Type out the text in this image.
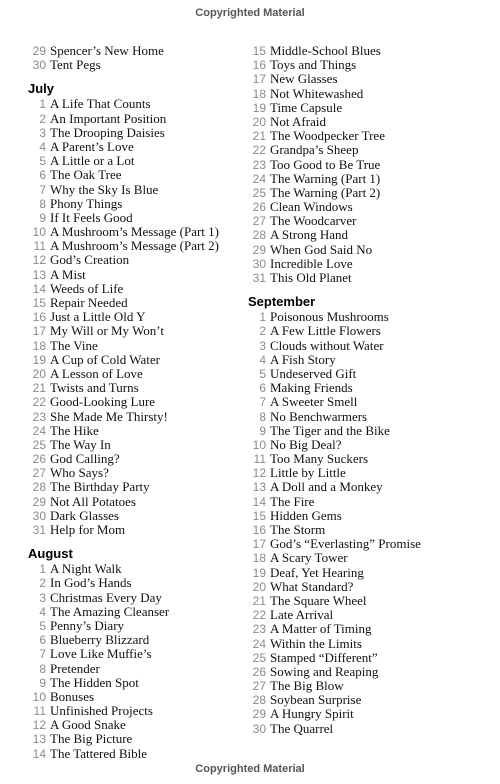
Copyrighted Material
29 Spencer’s New Home
30 Tent Pegs
July
1 A Life That Counts
2 An Important Position
3 The Drooping Daisies
4 A Parent’s Love
5 A Little or a Lot
6 The Oak Tree
7 Why the Sky Is Blue
8 Phony Things
9 If It Feels Good
10 A Mushroom’s Message (Part 1)
11 A Mushroom’s Message (Part 2)
12 God’s Creation
13 A Mist
14 Weeds of Life
15 Repair Needed
16 Just a Little Old Y
17 My Will or My Won’t
18 The Vine
19 A Cup of Cold Water
20 A Lesson of Love
21 Twists and Turns
22 Good-Looking Lure
23 She Made Me Thirsty!
24 The Hike
25 The Way In
26 God Calling?
27 Who Says?
28 The Birthday Party
29 Not All Potatoes
30 Dark Glasses
31 Help for Mom
August
1 A Night Walk
2 In God’s Hands
3 Christmas Every Day
4 The Amazing Cleanser
5 Penny’s Diary
6 Blueberry Blizzard
7 Love Like Muffie’s
8 Pretender
9 The Hidden Spot
10 Bonuses
11 Unfinished Projects
12 A Good Snake
13 The Big Picture
14 The Tattered Bible
15 Middle-School Blues
16 Toys and Things
17 New Glasses
18 Not Whitewashed
19 Time Capsule
20 Not Afraid
21 The Woodpecker Tree
22 Grandpa’s Sheep
23 Too Good to Be True
24 The Warning (Part 1)
25 The Warning (Part 2)
26 Clean Windows
27 The Woodcarver
28 A Strong Hand
29 When God Said No
30 Incredible Love
31 This Old Planet
September
1 Poisonous Mushrooms
2 A Few Little Flowers
3 Clouds without Water
4 A Fish Story
5 Undeserved Gift
6 Making Friends
7 A Sweeter Smell
8 No Benchwarmers
9 The Tiger and the Bike
10 No Big Deal?
11 Too Many Suckers
12 Little by Little
13 A Doll and a Monkey
14 The Fire
15 Hidden Gems
16 The Storm
17 God’s “Everlasting” Promise
18 A Scary Tower
19 Deaf, Yet Hearing
20 What Standard?
21 The Square Wheel
22 Late Arrival
23 A Matter of Timing
24 Within the Limits
25 Stamped “Different”
26 Sowing and Reaping
27 The Big Blow
28 Soybean Surprise
29 A Hungry Spirit
30 The Quarrel
Copyrighted Material
